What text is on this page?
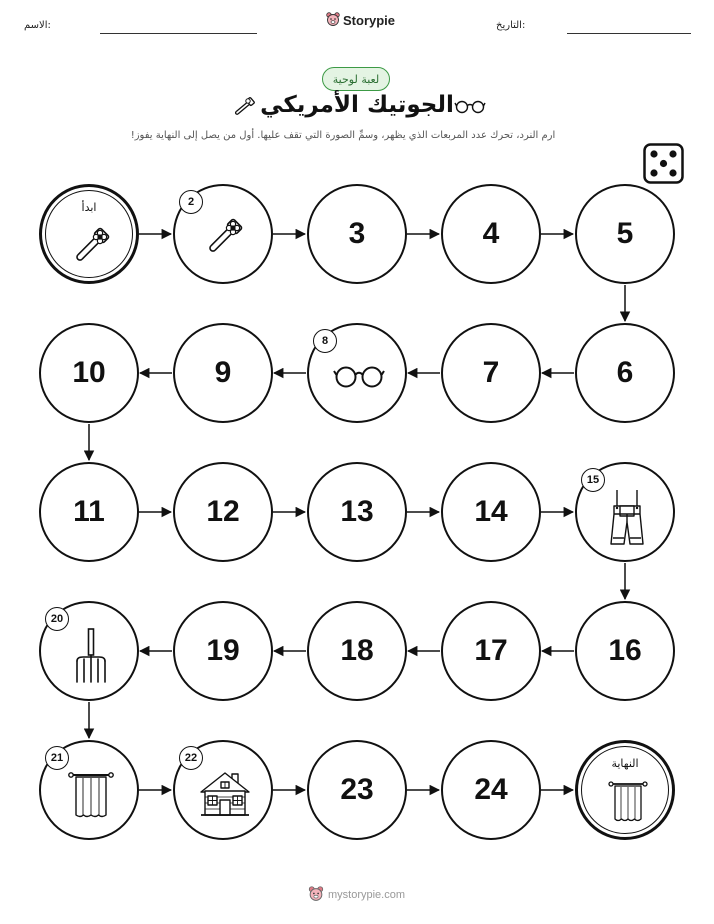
الاسم:	Storypie	التاريخ:
لعبة لوحية

الجوتيك الأمريكي

ارم النرد، تحرك عدد المربعات الذي يظهر، وسمِّ الصورة التي تقف عليها. أول من يصل إلى النهاية يفوز!

ابدأ	2
3	4	5
10	9
8
7	6
11	12	13	14
15
20
19	18	17	16
21	22
23	24
النهاية
mystorypie.com
